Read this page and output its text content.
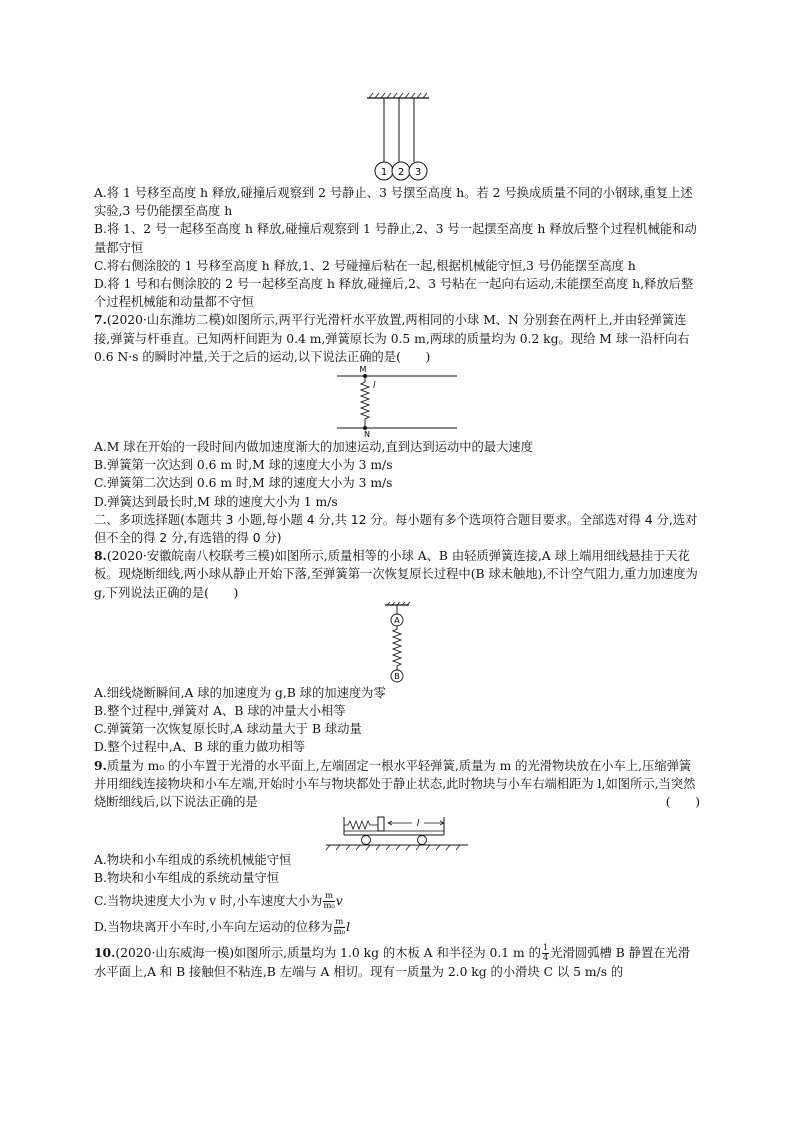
1 2 3
A.将 1 号移至高度 h 释放,碰撞后观察到 2 号静止、3 号摆至高度 h。若 2 号换成质量不同的小钢球,重复上述实验,3 号仍能摆至高度 h
B.将 1、2 号一起移至高度 h 释放,碰撞后观察到 1 号静止,2、3 号一起摆至高度 h 释放后整个过程机械能和动量都守恒
C.将右侧涂胶的 1 号移至高度 h 释放,1、2 号碰撞后粘在一起,根据机械能守恒,3 号仍能摆至高度 h
D.将 1 号和右侧涂胶的 2 号一起移至高度 h 释放,碰撞后,2、3 号粘在一起向右运动,未能摆至高度 h,释放后整个过程机械能和动量都不守恒
7.(2020·山东潍坊二模)如图所示,两平行光滑杆水平放置,两相同的小球 M、N 分别套在两杆上,并由轻弹簧连接,弹簧与杆垂直。已知两杆间距为 0.4 m,弹簧原长为 0.5 m,两球的质量均为 0.2 kg。现给 M 球一沿杆向右 0.6 N·s 的瞬时冲量,关于之后的运动,以下说法正确的是(　　)
M
N
l
A.M 球在开始的一段时间内做加速度渐大的加速运动,直到达到运动中的最大速度
B.弹簧第一次达到 0.6 m 时,M 球的速度大小为 3 m/s
C.弹簧第二次达到 0.6 m 时,M 球的速度大小为 3 m/s
D.弹簧达到最长时,M 球的速度大小为 1 m/s
二、多项选择题(本题共 3 小题,每小题 4 分,共 12 分。每小题有多个选项符合题目要求。全部选对得 4 分,选对但不全的得 2 分,有选错的得 0 分)
8.(2020·安徽皖南八校联考三模)如图所示,质量相等的小球 A、B 由轻质弹簧连接,A 球上端用细线悬挂于天花板。现烧断细线,两小球从静止开始下落,至弹簧第一次恢复原长过程中(B 球未触地),不计空气阻力,重力加速度为 g,下列说法正确的是(　　)
A
B
A.细线烧断瞬间,A 球的加速度为 g,B 球的加速度为零
B.整个过程中,弹簧对 A、B 球的冲量大小相等
C.弹簧第一次恢复原长时,A 球动量大于 B 球动量
D.整个过程中,A、B 球的重力做功相等
9.质量为 m₀ 的小车置于光滑的水平面上,左端固定一根水平轻弹簧,质量为 m 的光滑物块放在小车上,压缩弹簧并用细线连接物块和小车左端,开始时小车与物块都处于静止状态,此时物块与小车右端相距为 l,如图所示,当突然烧断细线后,以下说法正确的是	(　　)
l
A.物块和小车组成的系统机械能守恒
B.物块和小车组成的系统动量守恒
C.当物块速度大小为 v 时,小车速度大小为 $\frac{m}{\text{m₀}}$ v
D.当物块离开小车时,小车向左运动的位移为 $\frac{m}{\text{m₀}}$ l
10.(2020·山东威海一模)如图所示,质量均为 1.0 kg 的木板 A 和半径为 0.1 m 的 $\frac{1}{4}$ 光滑圆弧槽 B 静置在光滑水平面上,A 和 B 接触但不粘连,B 左端与 A 相切。现有一质量为 2.0 kg 的小滑块 C 以 5 m/s 的
